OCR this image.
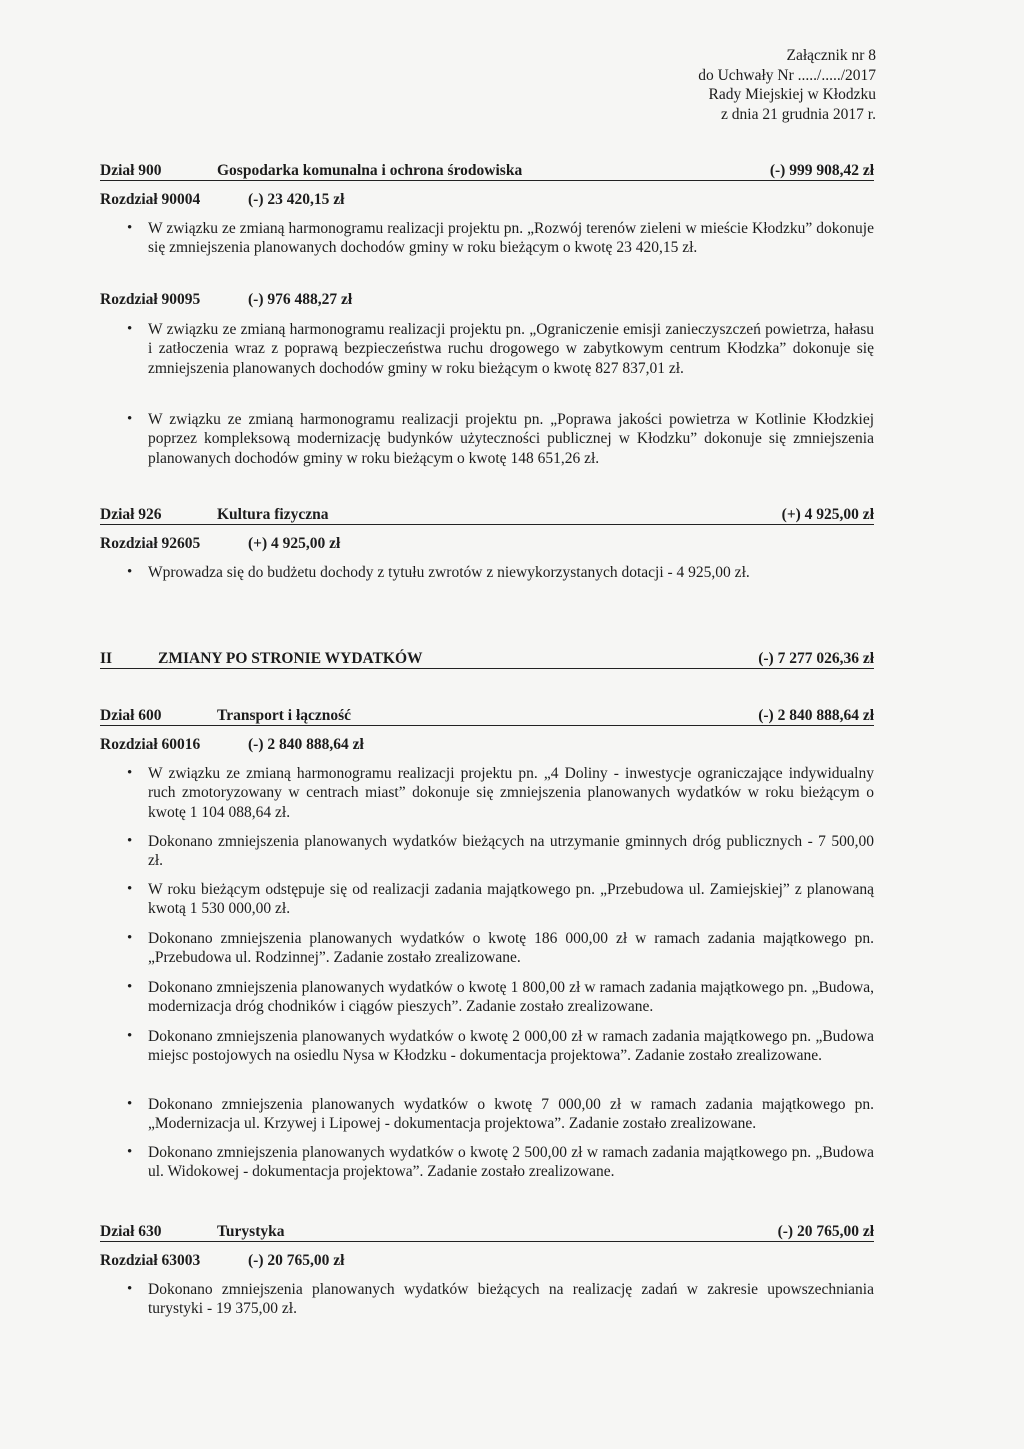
Załącznik nr 8
do Uchwały Nr ...../...../2017
Rady Miejskiej w Kłodzku
z dnia 21 grudnia 2017 r.
Dział 900	Gospodarka komunalna i ochrona środowiska	(-) 999 908,42 zł
Rozdział 90004	(-) 23 420,15 zł
•	W związku ze zmianą harmonogramu realizacji projektu pn. „Rozwój terenów zieleni w mieście Kłodzku” dokonuje się zmniejszenia planowanych dochodów gminy w roku bieżącym o kwotę 23 420,15 zł.
Rozdział 90095	(-) 976 488,27 zł
•	W związku ze zmianą harmonogramu realizacji projektu pn. „Ograniczenie emisji zanieczyszczeń powietrza, hałasu i zatłoczenia wraz z poprawą bezpieczeństwa ruchu drogowego w zabytkowym centrum Kłodzka” dokonuje się zmniejszenia planowanych dochodów gminy w roku bieżącym o kwotę 827 837,01 zł.
•	W związku ze zmianą harmonogramu realizacji projektu pn. „Poprawa jakości powietrza w Kotlinie Kłodzkiej poprzez kompleksową modernizację budynków użyteczności publicznej w Kłodzku” dokonuje się zmniejszenia planowanych dochodów gminy w roku bieżącym o kwotę 148 651,26 zł.
Dział 926	Kultura fizyczna	(+) 4 925,00 zł
Rozdział 92605	(+) 4 925,00 zł
•	Wprowadza się do budżetu dochody z tytułu zwrotów z niewykorzystanych dotacji - 4 925,00 zł.
II	ZMIANY PO STRONIE WYDATKÓW	(-) 7 277 026,36 zł
Dział 600	Transport i łączność	(-) 2 840 888,64 zł
Rozdział 60016	(-) 2 840 888,64 zł
•	W związku ze zmianą harmonogramu realizacji projektu pn. „4 Doliny - inwestycje ograniczające indywidualny ruch zmotoryzowany w centrach miast” dokonuje się zmniejszenia planowanych wydatków w roku bieżącym o kwotę 1 104 088,64 zł.
•	Dokonano zmniejszenia planowanych wydatków bieżących na utrzymanie gminnych dróg publicznych - 7 500,00 zł.
•	W roku bieżącym odstępuje się od realizacji zadania majątkowego pn. „Przebudowa ul. Zamiejskiej” z planowaną kwotą 1 530 000,00 zł.
•	Dokonano zmniejszenia planowanych wydatków o kwotę 186 000,00 zł w ramach zadania majątkowego pn. „Przebudowa ul. Rodzinnej”. Zadanie zostało zrealizowane.
•	Dokonano zmniejszenia planowanych wydatków o kwotę 1 800,00 zł w ramach zadania majątkowego pn. „Budowa, modernizacja dróg chodników i ciągów pieszych”. Zadanie zostało zrealizowane.
•	Dokonano zmniejszenia planowanych wydatków o kwotę 2 000,00 zł w ramach zadania majątkowego pn. „Budowa miejsc postojowych na osiedlu Nysa w Kłodzku - dokumentacja projektowa”. Zadanie zostało zrealizowane.
•	Dokonano zmniejszenia planowanych wydatków o kwotę 7 000,00 zł w ramach zadania majątkowego pn. „Modernizacja ul. Krzywej i Lipowej - dokumentacja projektowa”. Zadanie zostało zrealizowane.
•	Dokonano zmniejszenia planowanych wydatków o kwotę 2 500,00 zł w ramach zadania majątkowego pn. „Budowa ul. Widokowej - dokumentacja projektowa”. Zadanie zostało zrealizowane.
Dział 630	Turystyka	(-) 20 765,00 zł
Rozdział 63003	(-) 20 765,00 zł
•	Dokonano zmniejszenia planowanych wydatków bieżących na realizację zadań w zakresie upowszechniania turystyki - 19 375,00 zł.
